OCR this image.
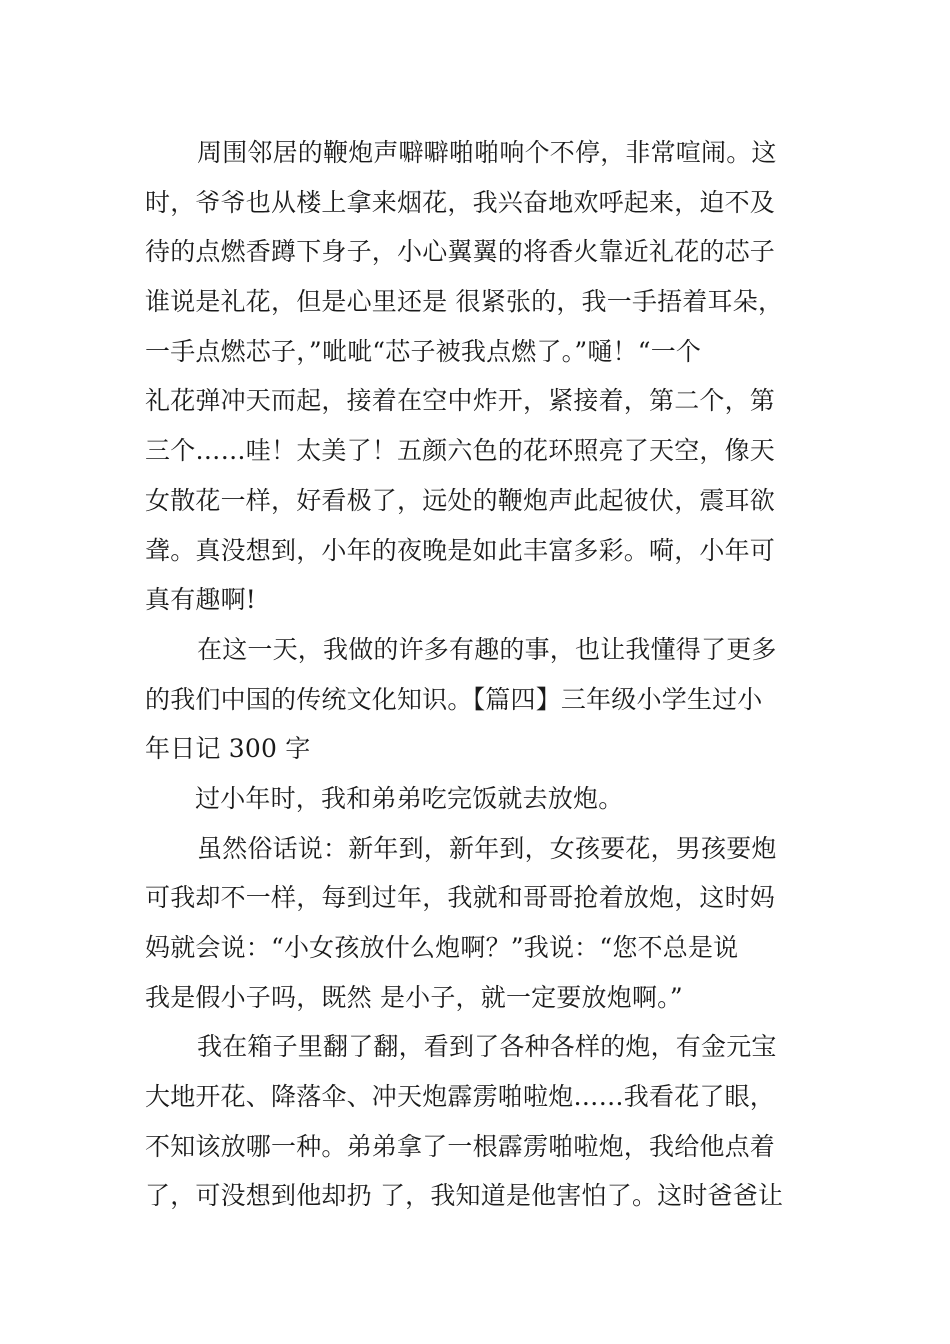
周围邻居的鞭炮声噼噼啪啪响个不停，非常喧闹。这
时，爷爷也从楼上拿来烟花，我兴奋地欢呼起来，迫不及
待的点燃香蹲下身子，小心翼翼的将香火靠近礼花的芯子
谁说是礼花，但是心里还是 很紧张的，我一手捂着耳朵，
一手点燃芯子，”呲呲“芯子被我点燃了。”嗵！“一个
礼花弹冲天而起，接着在空中炸开，紧接着，第二个，第
三个……哇！太美了！五颜六色的花环照亮了天空，像天
女散花一样，好看极了，远处的鞭炮声此起彼伏，震耳欲
聋。真没想到，小年的夜晚是如此丰富多彩。嗬，小年可
真有趣啊!
在这一天，我做的许多有趣的事，也让我懂得了更多
的我们中国的传统文化知识。【篇四】三年级小学生过小
年日记 300 字
过小年时，我和弟弟吃完饭就去放炮。
虽然俗话说：新年到，新年到，女孩要花，男孩要炮
可我却不一样，每到过年，我就和哥哥抢着放炮，这时妈
妈就会说：“小女孩放什么炮啊？”我说：“您不总是说
我是假小子吗，既然 是小子，就一定要放炮啊。”
我在箱子里翻了翻，看到了各种各样的炮，有金元宝
大地开花、降落伞、冲天炮霹雳啪啦炮……我看花了眼，
不知该放哪一种。弟弟拿了一根霹雳啪啦炮，我给他点着
了，可没想到他却扔 了，我知道是他害怕了。这时爸爸让
